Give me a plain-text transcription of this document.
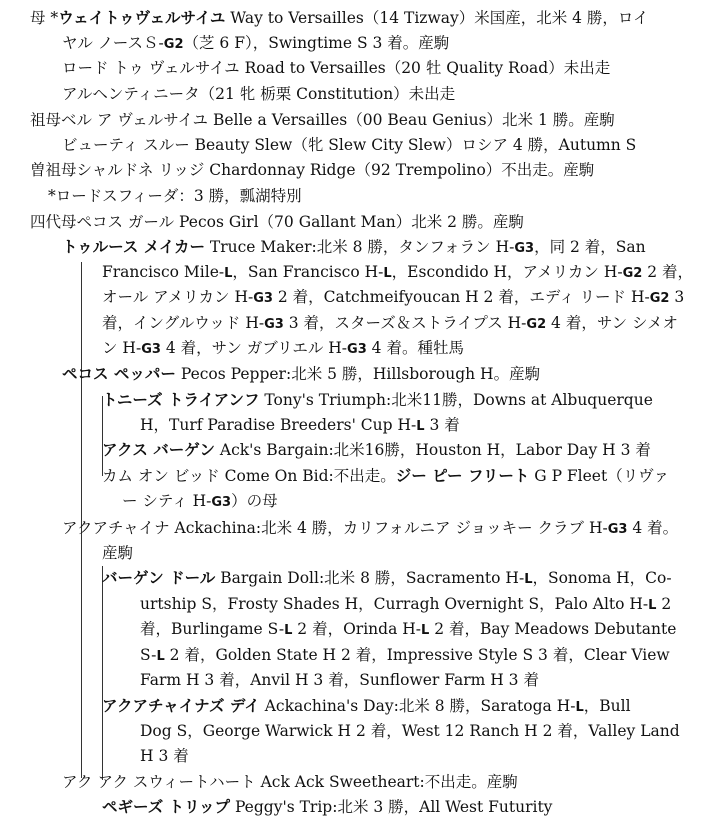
母 *ウェイトゥヴェルサイユ Way to Versailles（14 Tizway）米国産，北米 4 勝，ロイ
ヤル ノースＳ-G2（芝 6 F），Swingtime S 3 着。産駒
ロード トゥ ヴェルサイユ Road to Versailles（20 牡 Quality Road）未出走
アルヘンティニータ（21 牝 栃栗 Constitution）未出走
祖母ベル ア ヴェルサイユ Belle a Versailles（00 Beau Genius）北米 1 勝。産駒
ビューティ スルー Beauty Slew（牝 Slew City Slew）ロシア 4 勝，Autumn S
曽祖母シャルドネ リッジ Chardonnay Ridge（92 Trempolino）不出走。産駒
*ロードスフィーダ：3 勝，瓢湖特別
四代母ペコス ガール Pecos Girl（70 Gallant Man）北米 2 勝。産駒
トゥルース メイカー Truce Maker:北米 8 勝，タンフォラン H-G3，同 2 着，San
Francisco Mile-L，San Francisco H-L，Escondido H，アメリカン H-G2 2 着，
オール アメリカン H-G3 2 着，Catchmeifyoucan H 2 着，エディ リード H-G2 3
着，イングルウッド H-G3 3 着，スターズ＆ストライプス H-G2 4 着，サン シメオ
ン H-G3 4 着，サン ガブリエル H-G3 4 着。種牡馬
ペコス ペッパー Pecos Pepper:北米 5 勝，Hillsborough H。産駒
トニーズ トライアンフ Tony's Triumph:北米11勝，Downs at Albuquerque
H，Turf Paradise Breeders' Cup H-L 3 着
アクス バーゲン Ack's Bargain:北米16勝，Houston H，Labor Day H 3 着
カム オン ビッド Come On Bid:不出走。ジー ピー フリート G P Fleet（リヴァ
ー シティ H-G3）の母
アクアチャイナ Ackachina:北米 4 勝，カリフォルニア ジョッキー クラブ H-G3 4 着。
産駒
バーゲン ドール Bargain Doll:北米 8 勝，Sacramento H-L，Sonoma H，Co-
urtship S，Frosty Shades H，Curragh Overnight S，Palo Alto H-L 2
着，Burlingame S-L 2 着，Orinda H-L 2 着，Bay Meadows Debutante
S-L 2 着，Golden State H 2 着，Impressive Style S 3 着，Clear View
Farm H 3 着，Anvil H 3 着，Sunflower Farm H 3 着
アクアチャイナズ デイ Ackachina's Day:北米 8 勝，Saratoga H-L，Bull
Dog S，George Warwick H 2 着，West 12 Ranch H 2 着，Valley Land
H 3 着
アク アク スウィートハート Ack Ack Sweetheart:不出走。産駒
ペギーズ トリップ Peggy's Trip:北米 3 勝，All West Futurity
